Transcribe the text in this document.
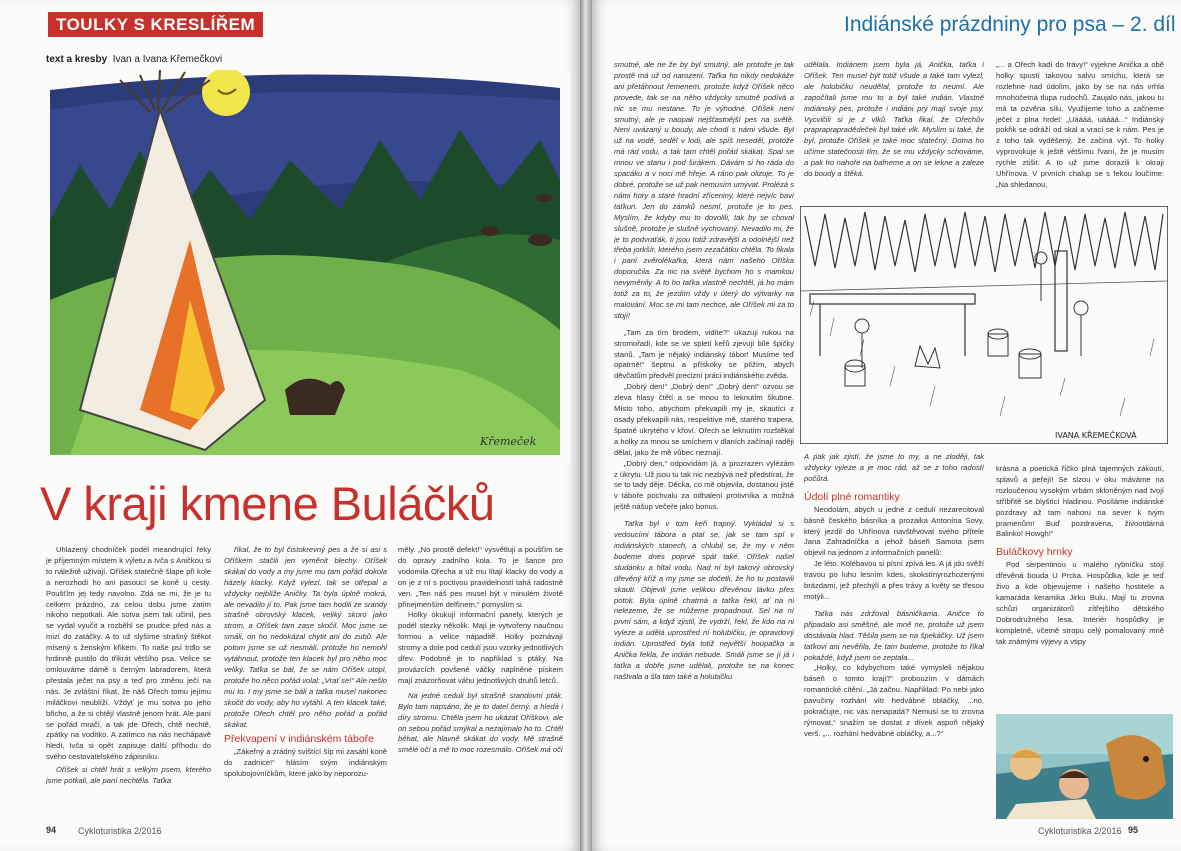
TOULKY S KRESLÍŘEM
text a kresby Ivan a Ivana Křemečkovi
Křemeček
V kraji kmene Buláčků

Uhlazený chodníček podél meandrující řeky je příjemným místem k výletu a Ivča s Aničkou si to náležitě užívají. Oříšek statečně šlape při kole a nerozhodí ho ani pasoucí se koně u cesty. Poušťím jej tedy navolno. Zdá se mi, že je tu celkem prázdno, za celou dobu jsme zatím nikoho nepotkali. Ale sotva jsem tak učinil, pes se vydal vyučit a rozběhl se prudce před nás a mizí do zatáčky. A to už slyšíme strašný štěkot mísený s ženským křikem. To naše psí trdlo se hrdinně pustilo do třikrát většího psa. Velice se omlouváme dámě s černým labradorem, která přestala ječet na psy a teď pro změnu ječí na nás. Je zvláštní říkat, že náš Ořech tomu jejímu miláčkovi neublíží. Vždyť je mu sotva po jeho břicho, a že si chtějí vlastně jenom hrát. Ale paní se pořád mračí, a tak jde Ořech, chtě nechtě, zpátky na vodítko. A zatímco na nás nechápavě hledí, Ivča si opět zapisuje další příhodu do svého cestovatelského zápisníku.

Oříšek si chtěl hrát s velkým psem, kterého jsme potkali, ale paní nechtěla. Taťka

říkal, že to byl čistokrevný pes a že si asi s Oříškem stačili jen vyměnit blechy. Oříšek skákal do vody a my jsme mu tam pořád dokola házely klacky. Když vylezl, tak se otřepal a vždycky nejblíže Aničky. Ta byla úplně mokrá, ale nevadilo jí to. Pak jsme tam hodili ze srandy strašně obrovský klacek, veliký skoro jako strom, a Oříšek tam zase skočil. Moc jsme se smáli, on ho nedokázal chytit ani do zubů. Ale potom jsme se už nesmáli, protože ho nemohl vytáhnout, protože ten klacek byl pro něho moc veliký. Taťka se bál, že se nám Oříšek utopí, protože ho něco pořád volal: „Vrať se!“ Ale nešlo mu to. I my jsme se báli a taťka musel nakonec skočit do vody, aby ho vytáhl. A ten klacek také, protože Ořech chtěl pro něho pořád a pořád skákat.

Překvapení v indiánském táboře

„Zákeřný a zrádný svištící šíp mi zasáhl koně do zadnice!“ hlásím svým indiánským spolubojovníčkům, které jako by neporozu-

měly. „No prostě defekt!“ vysvětluji a poušťím se do opravy zadního kola. To je šance pro vodomila Ořecha a už mu lítají klacky do vody a on je z ní s poctivou pravidelností tahá radostně ven. „Ten náš pes musel být v minulém životě přinejmenším delfínem,“ pomyslím si.

Holky okukují informační panely, kterých je podél stezky několik. Mají je vytvořeny naučnou formou a velice nápaditě. Holky poznávají stromy a dole pod cedulí jsou vzorky jednotlivých dřev. Podobně je to například s ptáky. Na provázcích povšené váčky naplněné pískem mají znázorňovat váhu jednotlivých druhů letců.

Na jedné ceduli byl strašně srandovní pták. Bylo tam napsáno, že je to datel černý, a hledá i díry stromu. Chtěla jsem ho ukázat Oříškovi, ale on sebou pořád smýkal a nezajímalo ho to. Chtěl běhat, ale hlavně skákat do vody. Mě strašně smělé očí a mě to moc rozesmálo. Oříšek má oči

94 Cykloturistika 2/2016
Indiánské prázdniny pro psa – 2. díl

smutné, ale ne že by byl smutný, ale protože je tak prostě má už od narození. Taťka ho nikdy nedokáže ani přetáhnout řemenem, protože když Oříšek něco provede, tak se na něho vždycky smutně podívá a nic se mu nestane. To je výhodné. Oříšek není smutný, ale je naopak nejšťastnější pes na světě. Není uvázaný u boudy, ale chodí s námi všude. Byl už na vodě, seděl v lodi, ale spíš neseděl, protože má rád vodu, a tak tam chtěl pořád skákat. Spal se mnou ve stanu i pod širákem. Dávám si ho ráda do spacáku a v noci mě hřeje. A ráno pak olizuje. To je dobré, protože se už pak nemusím umývat. Prolézá s námi hory a staré hradní zříceniny, které nejvíc baví taťkun. Jen do zámků nesmí, protože je to pes. Myslím, že kdyby mu to dovolili, tak by se choval slušně, protože je slušně vychovaný. Nevadilo mi, že je to podvraťák, ti jsou totiž zdravější a odolnější než třeba jorkšír, kterého jsem zezačátku chtěla. To fikala i paní zvěrolékařka, která nám našeho Oříška doporučila. Za nic na světě bychom ho s mamkou nevyměnily. A to ho taťka vlastně nechtěl, já ho mám totiž za to, že jezdím vždy v úterý do výtvarky na malování. Moc se mi tam nechce, ale Oříšek mi za to stojí!

„Tam za tím brodem, vidíte?“ ukazuji rukou na stromořadí, kde se ve spletí keřů zjevují bílé špičky stanů. „Tam je nějaký indiánský tábor! Musíme teď opatrně!“ šeptnu a přískoky se plížím, abych děvčatům předvěl precizní práci indiánského zvěda.

„Dobrý den!“ „Dobrý den!“ „Dobrý den!“ ozvou se zleva hlasy čtětí a se mnou to leknutím škubne. Místo toho, abychom překvapili my je, skautíci z osady překvapili nás, respektive mě, starého trapera, špatně ukrytého v křoví. Ořech se leknutím rozštěkal a holky za mnou se smíchem v dlaních začínají raději dělat, jako že mě vůbec neznají.

„Dobrý den,“ odpovídám já, a prozrazen vylézám z úkrytu. Už jsou tu tak nic nezbývá než předstírat, že se to tady děje. Děcka, co mě objevila, dostanou jistě v táboře pochvalu za odhalení protivníka a možná ještě nášup večeře jako bonus.

Taťka byl v tom keři trapný. Vykládal si s vedoucími tábora a ptal se, jak se tam spí v indiánských stanech, a chlubil se, že my v něm budeme dnes poprvé spát také. Oříšek našel studánku a hltal vodu. Nad ní byl takový obrovský dřevěný kříž a my jsme se dočetli, že ho tu postavili skauti. Objevili jsme velikou dřevěnou lávku přes potok. Byla úplně chatrná a taťka řekl, ať na ni nelezeme, že se můžeme propadnout. Sel na ní první sám, a když zjistil, že vydrží, řekl, že kdo na ni vyleze a udělá uprostřed ní holubičku, je opravdový indián. Uprostřed byla totiž největší houpačka a Anička řekla, že indián nebude. Smáli jsme se jí já i taťka a dobře jsme udělali, protože se na konec naštvala a šla tam také a holubičku

udělala. Indiánem jsem byla já, Anička, taťka i Oříšek. Ten musel být totiž všude a také tam vylezl, ale holubičku neudělal, protože to neumí. Ale započítali jsme mu to a byl také indián. Vlastně indiánský pes, protože i indiáni prý mají svoje psy. Vycvičili si je z vlků. Taťka fikal, že Ořechův prapraprapradědeček byl také vlk. Myslím si také, že byl, protože Oříšek je také moc statečný. Doma ho učíme statečnosti tím, že se mu vždycky schováme, a pak ho nahoře na bafneme a on se lekne a zaleze do boudy a štěká.

„... a Ořech kadí do trávy!“ vyjekne Anička a obě holky spustí takovou salvu smíchu, která se rozlehne nad údolím, jako by se na nás vrhla mnohočetná tlupa rudochů. Zaujalo nás, jakou tu má ta ozvěna sílu. Využijeme toho a začneme ječet z plna hrdel: „Uáááá, uáááá...“ Indiánský pokřik se odráží od skal a vrací se k nám. Pes je z toho tak vyděšený, že začíná výt. To holky vyprovokuje k ještě většímu řvaní, že je musím rychle ztišit. A to už jsme dorazili k okraji Uhřínova. V prvních chalup se s fekou loučíme: „Na shledanou,

IVANA KŘEMEČKOVÁ

A pak jak zjistí, že jsme to my, a ne zloději, tak vždycky vyleze a je moc rád, až se z toho radostí počůrá.

Údolí plné romantiky

Neodolám, abych u jedné z cedulí nezarecitoval básně českého básníka a prozaika Antonína Sovy, který jezdil do Uhřínova navštěvovat svého přítele Jana Zahradníčka a jehož báseň Samota jsem objevil na jednom z informačních panelů:

Je léto. Kolébavou si písní zpívá les. A já jdu svěží travou po luhu lesním kdes, skokstínyrozhozenými brázdami, jež přechýlí a přes trávy a květy se třesou motýli...

Taťka nás zdržoval básničkama. Aničce to připadalo asi směšné, ale mně ne, protože už jsem dostávala hlad. Těšila jsem se na špekáčky. Už jsem taťkovi ani nevěřila, že tam budeme, protože to říkal pokaždé, když jsem se zeptala...

„Holky, co kdybychom také vymysleli nějakou báseň o tomto kraji?“ probouzím v dámách romantické cítění. „Já začnu. Například: Po nebi jako pavučiny rozhání vítr hedvábné obláčky, ...no, pokračujte, nic vás nenapadá? Nemusí se to zrovna rýmovat,“ snažím se dostat z dívek aspoň nějaký verš. „... rozhání hedvábné obláčky, a...?“

krásná a poetická říčko plná tajemných zákoutí, splavů a peřejí! Se slzou v oku máváme na rozloučenou vysokým vrbám skloněným nad tvojí stříbřitě se blyštící hladinou. Posíláme indiánské pozdravy až tam nahoru na sever k tvým pramenům! Buď pozdravena, živootdárná Balinko! Howgh!“

Buláčkovy hrnky

Pod serpentinou u malého rybníčku stojí dřevěná bouda U Prcka. Hospůdka, kde je teď živo a kde objevujeme i našeho hostitele a kamaráda keramika Jirku Bulu. Mají tu zrovna schůzi organizátorů zítřejšího dětského Dobrodružného lesa. Interiér hospůdky je kompletně, včetně stropu celý pomalovaný mně tak známými výjevy a vtipy

Cykloturistika 2/2016 95
